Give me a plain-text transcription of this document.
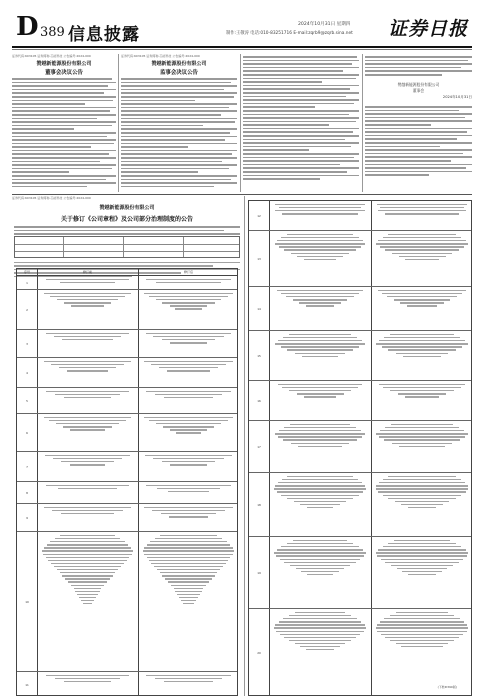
D 389 信息披露
2024年10月31日 星期四
制作:王敬涛 电话:010-83251716 E-mail:zqrb9@zqrb.sina.net 证券日报
证券代码:603105 证券简称:芯能科技 公告编号:2024-000
赞越新能源股份有限公司
董事会决议公告
证券代码:603105 证券简称:芯能科技 公告编号:2024-000
赞越新能源股份有限公司
监事会决议公告
赞越新能源股份有限公司
董事会
2024年10月31日
证券代码:603105 证券简称:芯能科技 公告编号:2024-000
赞越新能源股份有限公司
关于修订《公司章程》及公司部分治理制度的公告
序号	修订前	修订后
1
2
3
4
5
6
7
8
9
10
11
12
13
14
15
16
17
18
19
20
(下转D390版)
